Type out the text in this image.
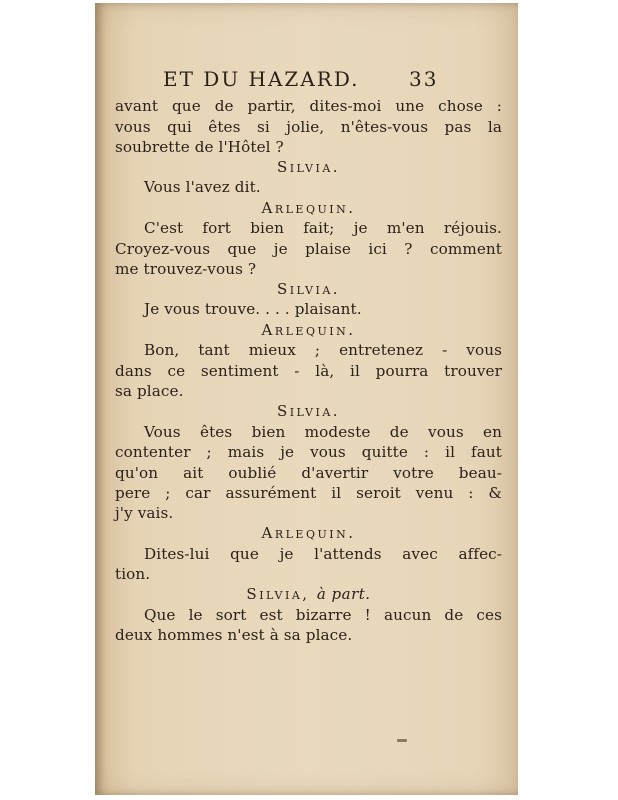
ET DU HAZARD.	33
avant que de partir, dites-moi une chose :
vous qui êtes si jolie, n'êtes-vous pas la
soubrette de l'Hôtel ?
Silvia.
Vous l'avez dit.
Arlequin.
C'est fort bien fait; je m'en réjouis.
Croyez-vous que je plaise ici ? comment
me trouvez-vous ?
Silvia.
Je vous trouve. . . . plaisant.
Arlequin.
Bon, tant mieux ; entretenez - vous
dans ce sentiment - là, il pourra trouver
sa place.
Silvia.
Vous êtes bien modeste de vous en
contenter ; mais je vous quitte : il faut
qu'on ait oublié d'avertir votre beau-
pere ; car assurément il seroit venu : &
j'y vais.
Arlequin.
Dites-lui que je l'attends avec affec-
tion.
Silvia, à part.
Que le sort est bizarre ! aucun de ces
deux hommes n'est à sa place.
